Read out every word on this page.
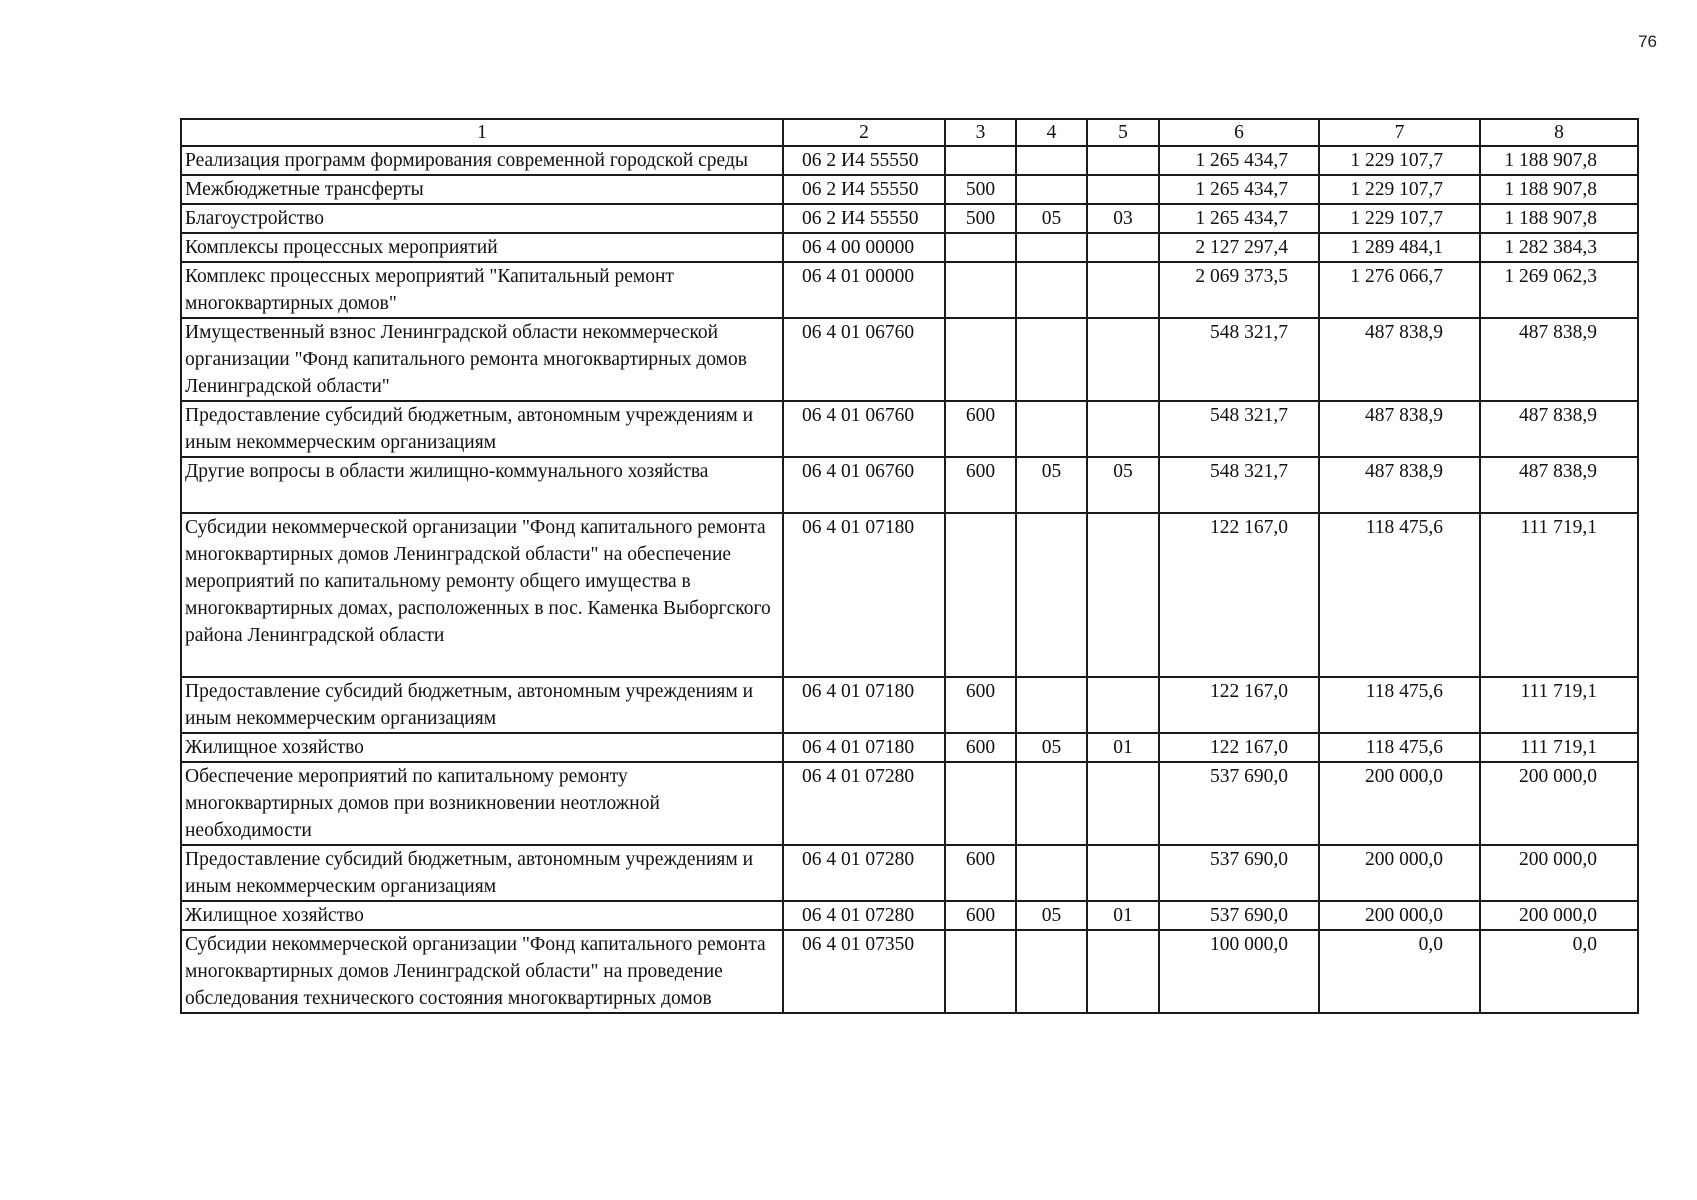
76
1	2	3	4	5	6	7	8
Реализация программ формирования современной городской среды	06 2 И4 55550				1 265 434,7	1 229 107,7	1 188 907,8
Межбюджетные трансферты	06 2 И4 55550	500			1 265 434,7	1 229 107,7	1 188 907,8
Благоустройство	06 2 И4 55550	500	05	03	1 265 434,7	1 229 107,7	1 188 907,8
Комплексы процессных мероприятий	06 4 00 00000				2 127 297,4	1 289 484,1	1 282 384,3
Комплекс процессных мероприятий "Капитальный ремонт многоквартирных домов"	06 4 01 00000				2 069 373,5	1 276 066,7	1 269 062,3
Имущественный взнос Ленинградской области некоммерческой организации "Фонд капитального ремонта многоквартирных домов Ленинградской области"	06 4 01 06760				548 321,7	487 838,9	487 838,9
Предоставление субсидий бюджетным, автономным учреждениям и иным некоммерческим организациям	06 4 01 06760	600			548 321,7	487 838,9	487 838,9
Другие вопросы в области жилищно-коммунального хозяйства	06 4 01 06760	600	05	05	548 321,7	487 838,9	487 838,9
Субсидии некоммерческой организации "Фонд капитального ремонта многоквартирных домов Ленинградской области" на обеспечение мероприятий по капитальному ремонту общего имущества в многоквартирных домах, расположенных в пос. Каменка Выборгского района Ленинградской области	06 4 01 07180				122 167,0	118 475,6	111 719,1
Предоставление субсидий бюджетным, автономным учреждениям и иным некоммерческим организациям	06 4 01 07180	600			122 167,0	118 475,6	111 719,1
Жилищное хозяйство	06 4 01 07180	600	05	01	122 167,0	118 475,6	111 719,1
Обеспечение мероприятий по капитальному ремонту многоквартирных домов при возникновении неотложной необходимости	06 4 01 07280				537 690,0	200 000,0	200 000,0
Предоставление субсидий бюджетным, автономным учреждениям и иным некоммерческим организациям	06 4 01 07280	600			537 690,0	200 000,0	200 000,0
Жилищное хозяйство	06 4 01 07280	600	05	01	537 690,0	200 000,0	200 000,0
Субсидии некоммерческой организации "Фонд капитального ремонта многоквартирных домов Ленинградской области" на проведение обследования технического состояния многоквартирных домов	06 4 01 07350				100 000,0	0,0	0,0
